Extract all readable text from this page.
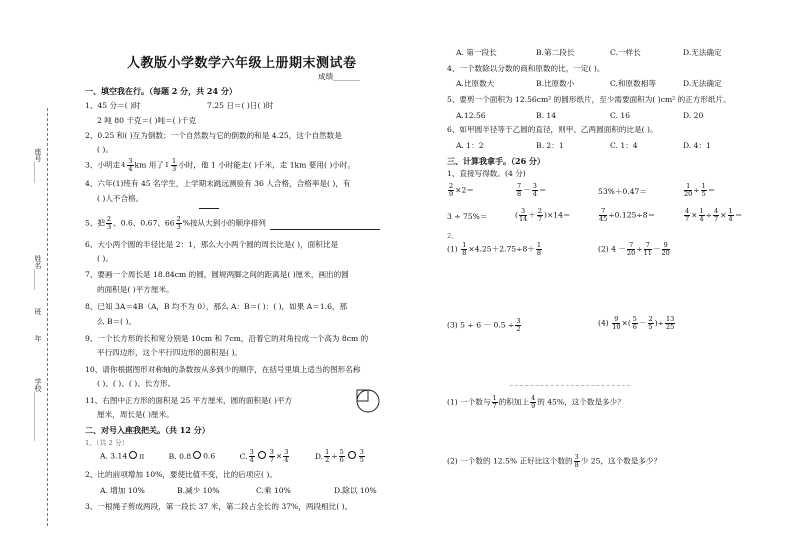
人教版小学数学六年级上册期末测试卷
成绩_______
座号______
姓名______
班
年
学校______________
一、填空我在行。（每题 2 分，共 24 分）
1、45 分＝( )时	7.25 日＝( )日( )时
2 吨 80 千克＝( )吨＝( )千克
2、0.25 和( )互为倒数；一个自然数与它的倒数的和是 4.25，这个自然数是
( )。
3、小明走 $4 \frac{3}{4}$ km 用了 $1 \frac{1}{3}$ 小时，他 1 小时能走( )千米，走 1km 要用( )小时。
4、六年(1)班有 45 名学生，上学期末跳远测验有 36 人合格，合格率是( )，有
( )人不合格。
5、把 $\frac{2}{3}$ 、0.6、0.67、$66 \frac{2}{3}$ %按从大到小的顺序排列
6、大小两个圆的半径比是 2：1，那么大小两个圆的周长比是( )，面积比是
( )。
7、要画一个周长是 18.84cm 的圆，圆规两脚之间的距离是( )厘米，画出的圆
的面积是( )平方厘米。
8、已知 3A＝4B（A，B 均不为 0），那么 A：B＝( )：( )，如果 A＝1.6，那
么 B＝( )。
9、一个长方形的长和宽分别是 10cm 和 7cm，沿着它的对角拉成一个高为 8cm 的
平行四边形，这个平行四边形的面积是( )。
10、请你根据图形对称轴的条数按从多到少的顺序，在括号里填上适当的图形名称
( )、( )、( )、长方形。
11、右图中正方形的面积是 25 平方厘米，圆的面积是( )平方
厘米，周长是( )厘米。
二、对号入座我把关。（共 12 分）
1、（共 2 分）
A. 3.14 π	B. 0.8 0.6	C. $\frac{3}{4} \frac{3}{7} \times \frac{3}{4}$	D. $\frac{1}{2} \div \frac{5}{6} \frac{3}{5}$
2、比的前项增加 10%，要使比值不变，比的后项应( )。
A. 增加 10%	B.减少 10%	C.乘 10%	D.除以 10%
3、一根绳子剪成两段，第一段长 37 米，第二段占全长的 37%，两段相比( )。
A. 第一段长	B.第二段长	C.一样长	D.无法确定
4、一个数除以分数的商和原数的比，一定( )。
A.比原数大	B.比原数小	C.和原数相等	D.无法确定
5、要剪一个面积为 12.56cm² 的圆形纸片，至少需要面积为( )cm² 的正方形纸片。
A.12.56	B. 14	C. 16	D. 20
6、如甲圆半径等于乙圆的直径，则甲、乙两圆面积的比是( )。
A. 1：2	B. 2：1	C. 1：4	D. 4：1
三、计算我拿手。（26 分）
1、直接写得数。(4 分)
$\frac{2}{9} \times 2=$	$\frac{7}{8} - \frac{3}{4}$ ＝	53%＋0.47＝	$\frac{1}{20} \div \frac{1}{5}$ ＝
3 ÷ 75%＝	( $\frac{3}{14} + \frac{2}{7} )\times 14=$	$\frac{7}{45} \div 0.125\div 8=$	$\frac{4}{7} \times \frac{1}{4} \div \frac{4}{7} \times \frac{1}{4}$ ＝
2、
$(1) \frac{1}{8} \times 4.25+2.75\div 8+ \frac{1}{8}$	(2) $4 - \frac{7}{20} \div \frac{7}{11} - \frac{9}{20}$
(3) $5 \div 6 - 0.5 \div \frac{3}{2}$	$(4) \frac{9}{10}$ ×( $\frac{5}{6} - \frac{2}{5}$ )÷ $\frac{13}{25}$
(1) 一个数与 $\frac{1}{7}$ 的积加上 $\frac{4}{9}$ 的 45%，这个数是多少？
(2) 一个数的 12.5% 正好比这个数的 $\frac{3}{8}$ 少 25，这个数是多少？
